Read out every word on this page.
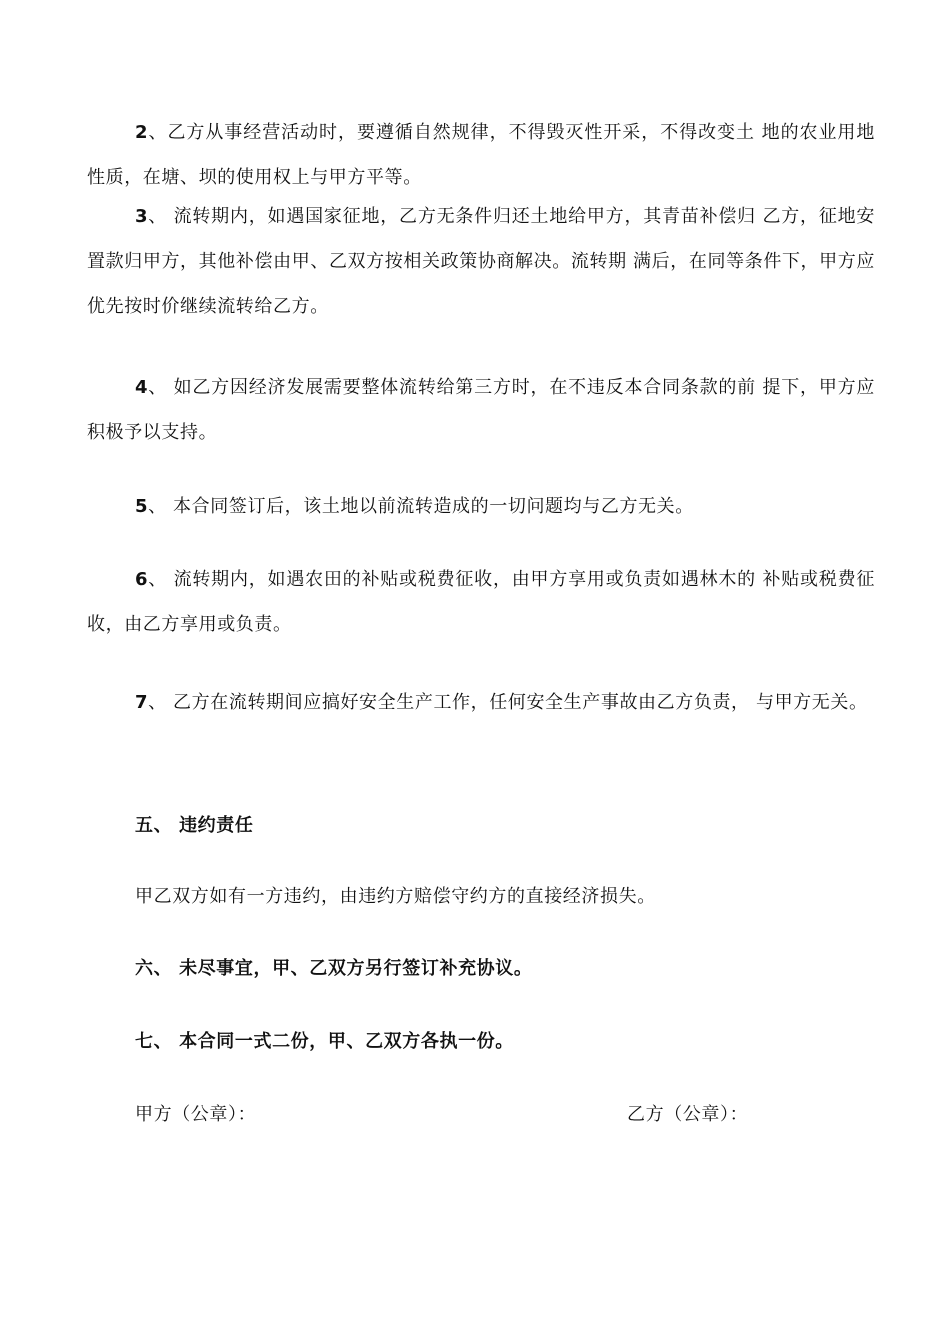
2、乙方从事经营活动时，要遵循自然规律，不得毁灭性开采，不得改变土 地的农业用地性质，在塘、坝的使用权上与甲方平等。

3、 流转期内，如遇国家征地，乙方无条件归还土地给甲方，其青苗补偿归 乙方，征地安置款归甲方，其他补偿由甲、乙双方按相关政策协商解决。流转期 满后，在同等条件下，甲方应优先按时价继续流转给乙方。

4、 如乙方因经济发展需要整体流转给第三方时，在不违反本合同条款的前 提下，甲方应积极予以支持。

5、 本合同签订后，该土地以前流转造成的一切问题均与乙方无关。

6、 流转期内，如遇农田的补贴或税费征收，由甲方享用或负责如遇林木的 补贴或税费征收，由乙方享用或负责。

7、 乙方在流转期间应搞好安全生产工作，任何安全生产事故由乙方负责， 与甲方无关。

五、 违约责任

甲乙双方如有一方违约，由违约方赔偿守约方的直接经济损失。

六、 未尽事宜，甲、乙双方另行签订补充协议。

七、 本合同一式二份，甲、乙双方各执一份。

甲方（公章）：	乙方（公章）：
